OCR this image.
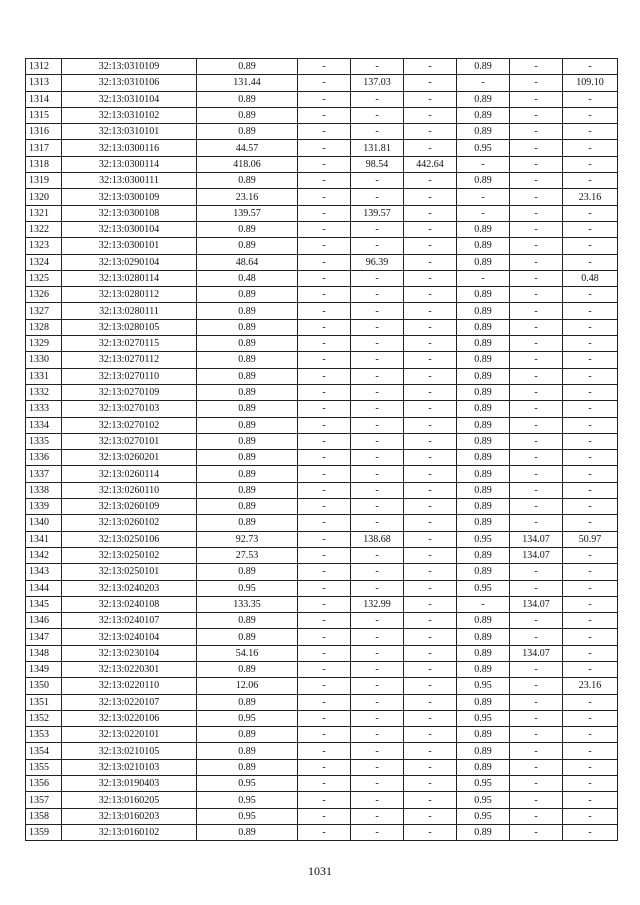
1312	32:13:0310109	0.89	-	-	-	0.89	-	-
1313	32:13:0310106	131.44	-	137.03	-	-	-	109.10
1314	32:13:0310104	0.89	-	-	-	0.89	-	-
1315	32:13:0310102	0.89	-	-	-	0.89	-	-
1316	32:13:0310101	0.89	-	-	-	0.89	-	-
1317	32:13:0300116	44.57	-	131.81	-	0.95	-	-
1318	32:13:0300114	418.06	-	98.54	442.64	-	-	-
1319	32:13:0300111	0.89	-	-	-	0.89	-	-
1320	32:13:0300109	23.16	-	-	-	-	-	23.16
1321	32:13:0300108	139.57	-	139.57	-	-	-	-
1322	32:13:0300104	0.89	-	-	-	0.89	-	-
1323	32:13:0300101	0.89	-	-	-	0.89	-	-
1324	32:13:0290104	48.64	-	96.39	-	0.89	-	-
1325	32:13:0280114	0.48	-	-	-	-	-	0.48
1326	32:13:0280112	0.89	-	-	-	0.89	-	-
1327	32:13:0280111	0.89	-	-	-	0.89	-	-
1328	32:13:0280105	0.89	-	-	-	0.89	-	-
1329	32:13:0270115	0.89	-	-	-	0.89	-	-
1330	32:13:0270112	0.89	-	-	-	0.89	-	-
1331	32:13:0270110	0.89	-	-	-	0.89	-	-
1332	32:13:0270109	0.89	-	-	-	0.89	-	-
1333	32:13:0270103	0.89	-	-	-	0.89	-	-
1334	32:13:0270102	0.89	-	-	-	0.89	-	-
1335	32:13:0270101	0.89	-	-	-	0.89	-	-
1336	32:13:0260201	0.89	-	-	-	0.89	-	-
1337	32:13:0260114	0.89	-	-	-	0.89	-	-
1338	32:13:0260110	0.89	-	-	-	0.89	-	-
1339	32:13:0260109	0.89	-	-	-	0.89	-	-
1340	32:13:0260102	0.89	-	-	-	0.89	-	-
1341	32:13:0250106	92.73	-	138.68	-	0.95	134.07	50.97
1342	32:13:0250102	27.53	-	-	-	0.89	134.07	-
1343	32:13:0250101	0.89	-	-	-	0.89	-	-
1344	32:13:0240203	0.95	-	-	-	0.95	-	-
1345	32:13:0240108	133.35	-	132.99	-	-	134.07	-
1346	32:13:0240107	0.89	-	-	-	0.89	-	-
1347	32:13:0240104	0.89	-	-	-	0.89	-	-
1348	32:13:0230104	54.16	-	-	-	0.89	134.07	-
1349	32:13:0220301	0.89	-	-	-	0.89	-	-
1350	32:13:0220110	12.06	-	-	-	0.95	-	23.16
1351	32:13:0220107	0.89	-	-	-	0.89	-	-
1352	32:13:0220106	0.95	-	-	-	0.95	-	-
1353	32:13:0220101	0.89	-	-	-	0.89	-	-
1354	32:13:0210105	0.89	-	-	-	0.89	-	-
1355	32:13:0210103	0.89	-	-	-	0.89	-	-
1356	32:13:0190403	0.95	-	-	-	0.95	-	-
1357	32:13:0160205	0.95	-	-	-	0.95	-	-
1358	32:13:0160203	0.95	-	-	-	0.95	-	-
1359	32:13:0160102	0.89	-	-	-	0.89	-	-
1031
